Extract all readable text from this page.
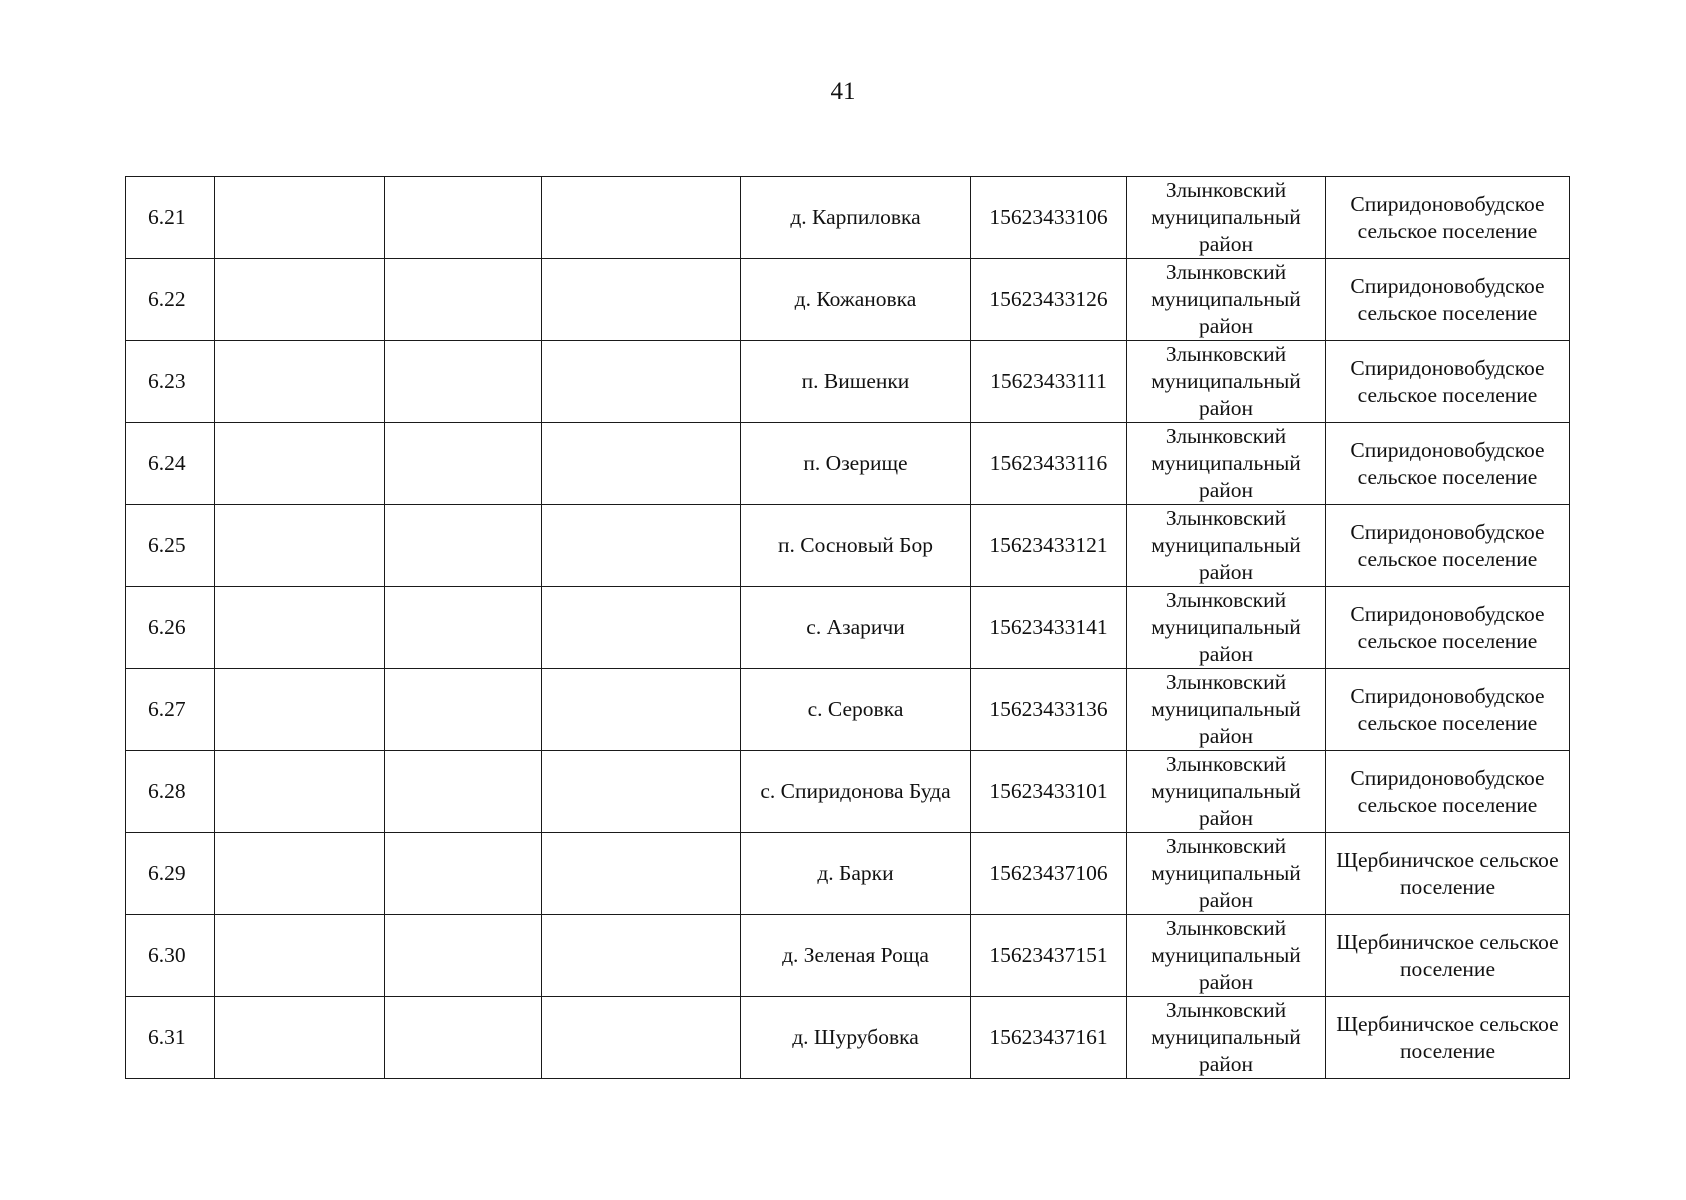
41
6.21				д. Карпиловка	15623433106	Злынковский муниципальный район	Спиридоновобудское сельское поселение
6.22				д. Кожановка	15623433126	Злынковский муниципальный район	Спиридоновобудское сельское поселение
6.23				п. Вишенки	15623433111	Злынковский муниципальный район	Спиридоновобудское сельское поселение
6.24				п. Озерище	15623433116	Злынковский муниципальный район	Спиридоновобудское сельское поселение
6.25				п. Сосновый Бор	15623433121	Злынковский муниципальный район	Спиридоновобудское сельское поселение
6.26				с. Азаричи	15623433141	Злынковский муниципальный район	Спиридоновобудское сельское поселение
6.27				с. Серовка	15623433136	Злынковский муниципальный район	Спиридоновобудское сельское поселение
6.28				с. Спиридонова Буда	15623433101	Злынковский муниципальный район	Спиридоновобудское сельское поселение
6.29				д. Барки	15623437106	Злынковский муниципальный район	Щербиничское сельское поселение
6.30				д. Зеленая Роща	15623437151	Злынковский муниципальный район	Щербиничское сельское поселение
6.31				д. Шурубовка	15623437161	Злынковский муниципальный район	Щербиничское сельское поселение
